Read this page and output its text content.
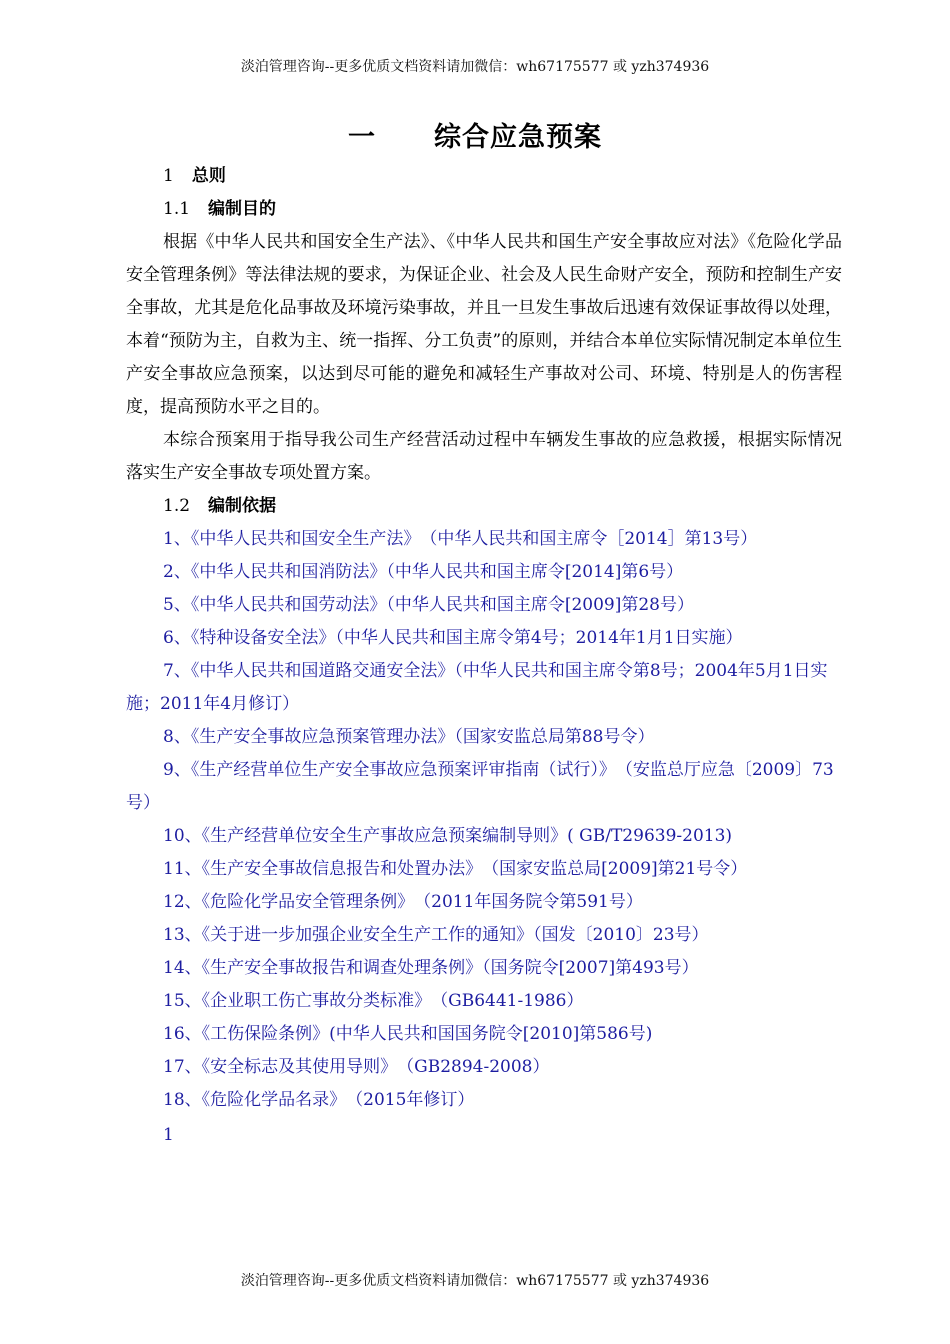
淡泊管理咨询--更多优质文档资料请加微信：wh67175577 或 yzh374936
一 综合应急预案
1 总则
1.1 编制目的
根据《中华人民共和国安全生产法》、《中华人民共和国生产安全事故应对法》《危险化学品安全管理条例》等法律法规的要求，为保证企业、社会及人民生命财产安全，预防和控制生产安全事故，尤其是危化品事故及环境污染事故，并且一旦发生事故后迅速有效保证事故得以处理，本着“预防为主，自救为主、统一指挥、分工负责”的原则，并结合本单位实际情况制定本单位生产安全事故应急预案，以达到尽可能的避免和减轻生产事故对公司、环境、特别是人的伤害程度，提高预防水平之目的。
本综合预案用于指导我公司生产经营活动过程中车辆发生事故的应急救援，根据实际情况落实生产安全事故专项处置方案。
1.2 编制依据
1、《中华人民共和国安全生产法》　（中华人民共和国主席令［2014］第13号）
2、《中华人民共和国消防法》（中华人民共和国主席令[2014]第6号）
5、《中华人民共和国劳动法》（中华人民共和国主席令[2009]第28号）
6、《特种设备安全法》（中华人民共和国主席令第4号；2014年1月1日实施）
7、《中华人民共和国道路交通安全法》（中华人民共和国主席令第8号；2004年5月1日实施；2011年4月修订）
8、《生产安全事故应急预案管理办法》（国家安监总局第88号令）
9、《生产经营单位生产安全事故应急预案评审指南（试行）》　（安监总厅应急〔2009〕73号）
10、《生产经营单位安全生产事故应急预案编制导则》( GB/T29639-2013)
11、《生产安全事故信息报告和处置办法》　（国家安监总局[2009]第21号令）
12、《危险化学品安全管理条例》　（2011年国务院令第591号）
13、《关于进一步加强企业安全生产工作的通知》（国发〔2010〕23号）
14、《生产安全事故报告和调查处理条例》（国务院令[2007]第493号）
15、《企业职工伤亡事故分类标准》　（GB6441-1986）
16、《工伤保险条例》(中华人民共和国国务院令[2010]第586号)
17、《安全标志及其使用导则》　（GB2894-2008）
18、《危险化学品名录》　（2015年修订）
1
淡泊管理咨询--更多优质文档资料请加微信：wh67175577 或 yzh374936
